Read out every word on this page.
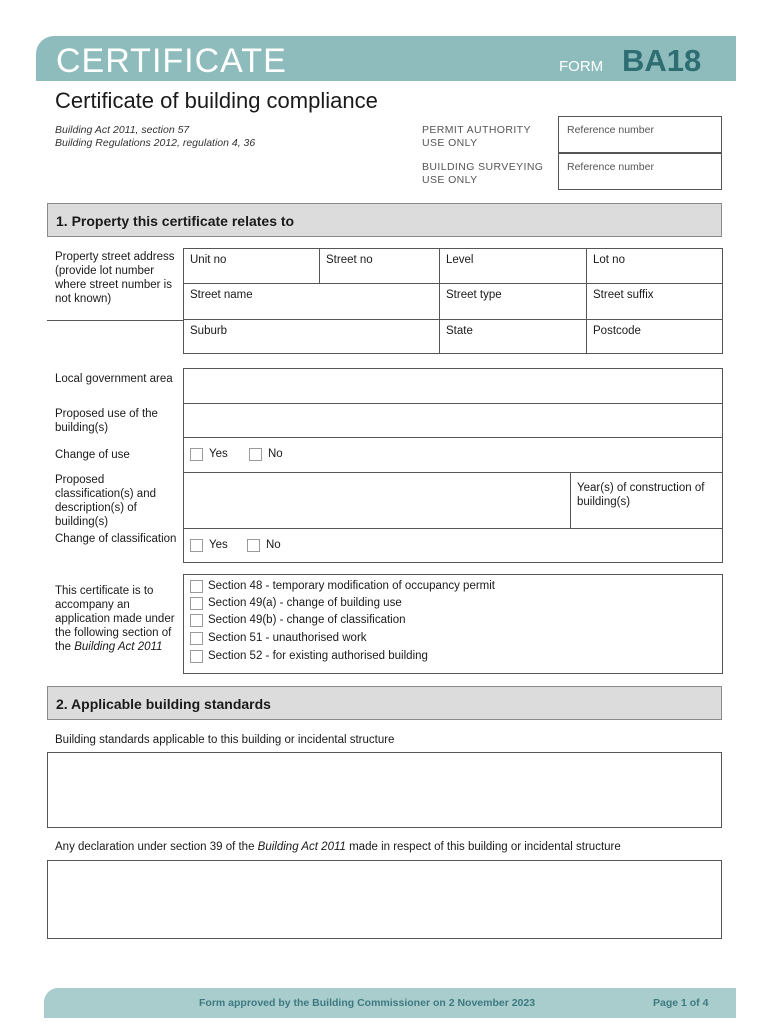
CERTIFICATE	FORM BA18
Certificate of building compliance
Building Act 2011, section 57
Building Regulations 2012, regulation 4, 36
PERMIT AUTHORITY
USE ONLY
Reference number
BUILDING SURVEYING
USE ONLY
Reference number
1. Property this certificate relates to
Property street address (provide lot number where street number is not known)
Unit no	Street no	Level	Lot no
Street name	Street type	Street suffix
Suburb	State	Postcode
Local government area
Proposed use of the building(s)
Change of use	Yes	No
Proposed classification(s) and description(s) of building(s)
Year(s) of construction of building(s)
Change of classification	Yes	No
This certificate is to accompany an application made under the following section of the Building Act 2011
Section 48 - temporary modification of occupancy permit
Section 49(a) - change of building use
Section 49(b) - change of classification
Section 51 - unauthorised work
Section 52 - for existing authorised building
2. Applicable building standards
Building standards applicable to this building or incidental structure
Any declaration under section 39 of the Building Act 2011 made in respect of this building or incidental structure
Form approved by the Building Commissioner on 2 November 2023	Page 1 of 4
